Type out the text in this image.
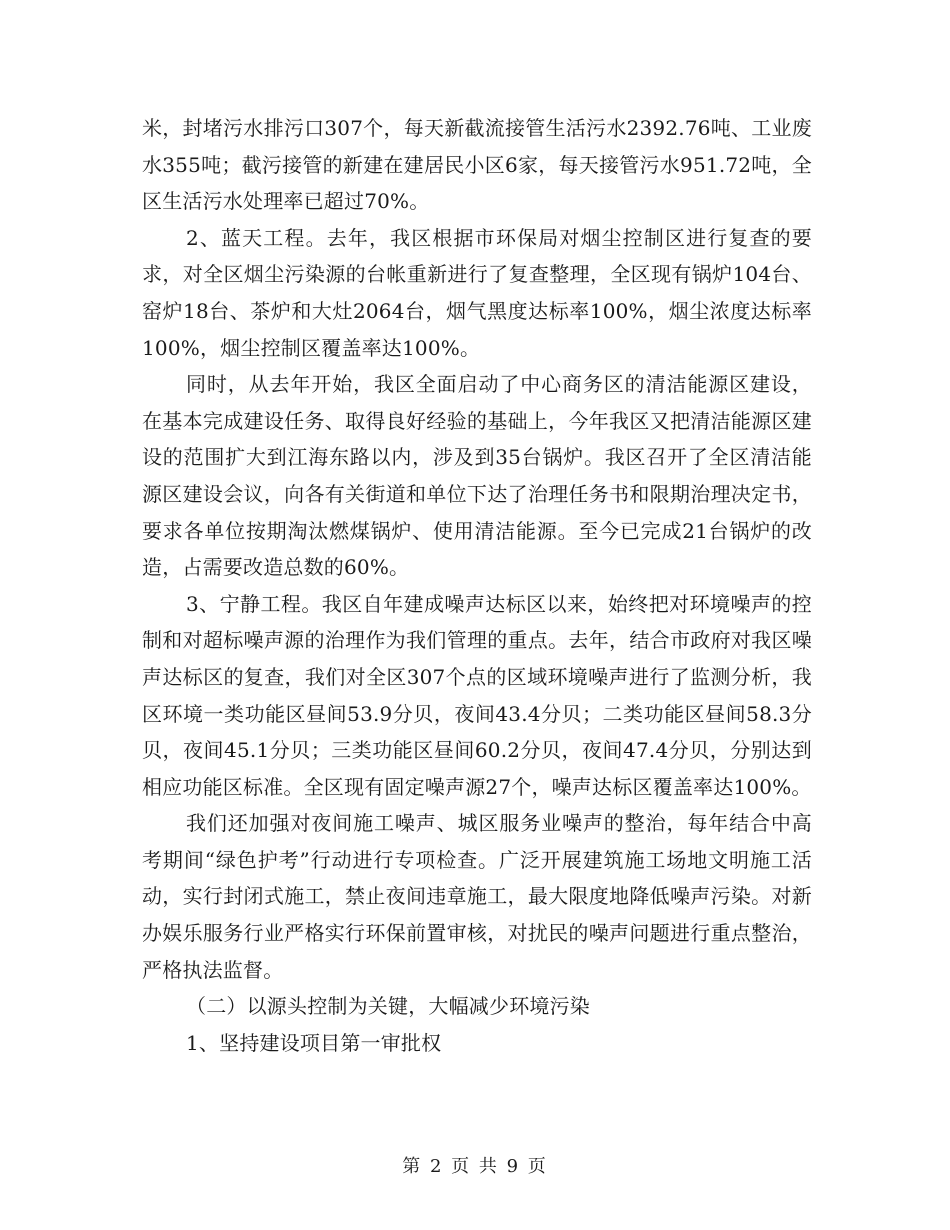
米，封堵污水排污口307个，每天新截流接管生活污水2392.76吨、工业废水355吨；截污接管的新建在建居民小区6家，每天接管污水951.72吨，全区生活污水处理率已超过70%。

2、蓝天工程。去年，我区根据市环保局对烟尘控制区进行复查的要求，对全区烟尘污染源的台帐重新进行了复查整理，全区现有锅炉104台、窑炉18台、茶炉和大灶2064台，烟气黑度达标率100%，烟尘浓度达标率100%，烟尘控制区覆盖率达100%。

同时，从去年开始，我区全面启动了中心商务区的清洁能源区建设，在基本完成建设任务、取得良好经验的基础上，今年我区又把清洁能源区建设的范围扩大到江海东路以内，涉及到35台锅炉。我区召开了全区清洁能源区建设会议，向各有关街道和单位下达了治理任务书和限期治理决定书，要求各单位按期淘汰燃煤锅炉、使用清洁能源。至今已完成21台锅炉的改造，占需要改造总数的60%。

3、宁静工程。我区自年建成噪声达标区以来，始终把对环境噪声的控制和对超标噪声源的治理作为我们管理的重点。去年，结合市政府对我区噪声达标区的复查，我们对全区307个点的区域环境噪声进行了监测分析，我区环境一类功能区昼间53.9分贝，夜间43.4分贝；二类功能区昼间58.3分贝，夜间45.1分贝；三类功能区昼间60.2分贝，夜间47.4分贝，分别达到相应功能区标准。全区现有固定噪声源27个，噪声达标区覆盖率达100%。

我们还加强对夜间施工噪声、城区服务业噪声的整治，每年结合中高考期间“绿色护考”行动进行专项检查。广泛开展建筑施工场地文明施工活动，实行封闭式施工，禁止夜间违章施工，最大限度地降低噪声污染。对新办娱乐服务行业严格实行环保前置审核，对扰民的噪声问题进行重点整治，严格执法监督。

（二）以源头控制为关键，大幅减少环境污染

1、坚持建设项目第一审批权

第 2 页 共 9 页
